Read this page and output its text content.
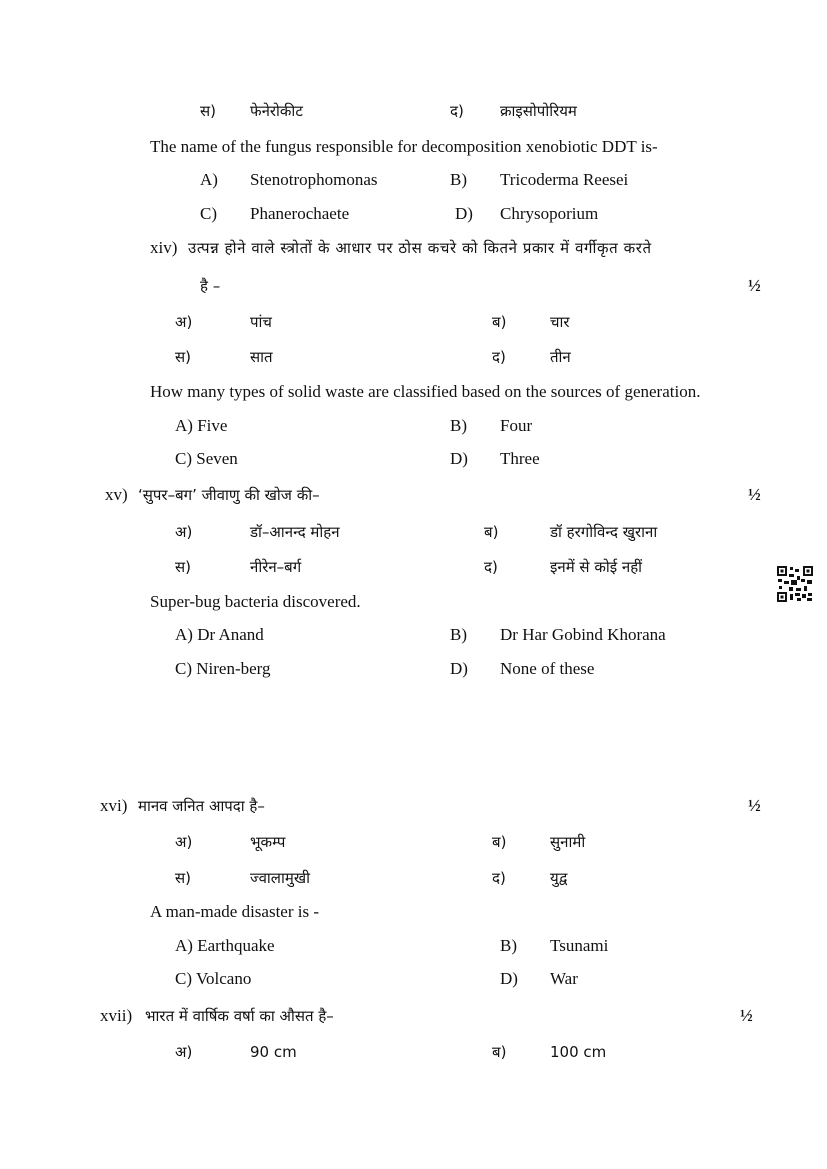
स) फेनेरोकीट	द) क्राइसोपोरियम
The name of the fungus responsible for decomposition xenobiotic DDT is-
A) Stenotrophomonas	B) Tricoderma Reesei
C) Phanerochaete	D) Chrysoporium
xiv) उत्पन्न होने वाले स्त्रोतों के आधार पर ठोस कचरे को कितने प्रकार में वर्गीकृत करते
है –	½
अ)	पांच	ब)	चार
स)	सात	द)	तीन
How many types of solid waste are classified based on the sources of generation.
A) Five	B) Four
C) Seven	D) Three
xv) ‘सुपर–बग’ जीवाणु की खोज की–	½
अ)	डॉ–आनन्द मोहन	ब)	डॉ हरगोविन्द खुराना
स)	नीरेन–बर्ग	द)	इनमें से कोई नहीं
Super-bug bacteria discovered.
A) Dr Anand	B) Dr Har Gobind Khorana
C) Niren-berg	D) None of these
xvi) मानव जनित आपदा है–	½
अ)	भूकम्प	ब)	सुनामी
स)	ज्वालामुखी	द)	युद्व
A man-made disaster is -
A) Earthquake	B) Tsunami
C) Volcano	D) War
xvii) भारत में वार्षिक वर्षा का औसत है–	½
अ)	90 cm	ब)	100 cm
